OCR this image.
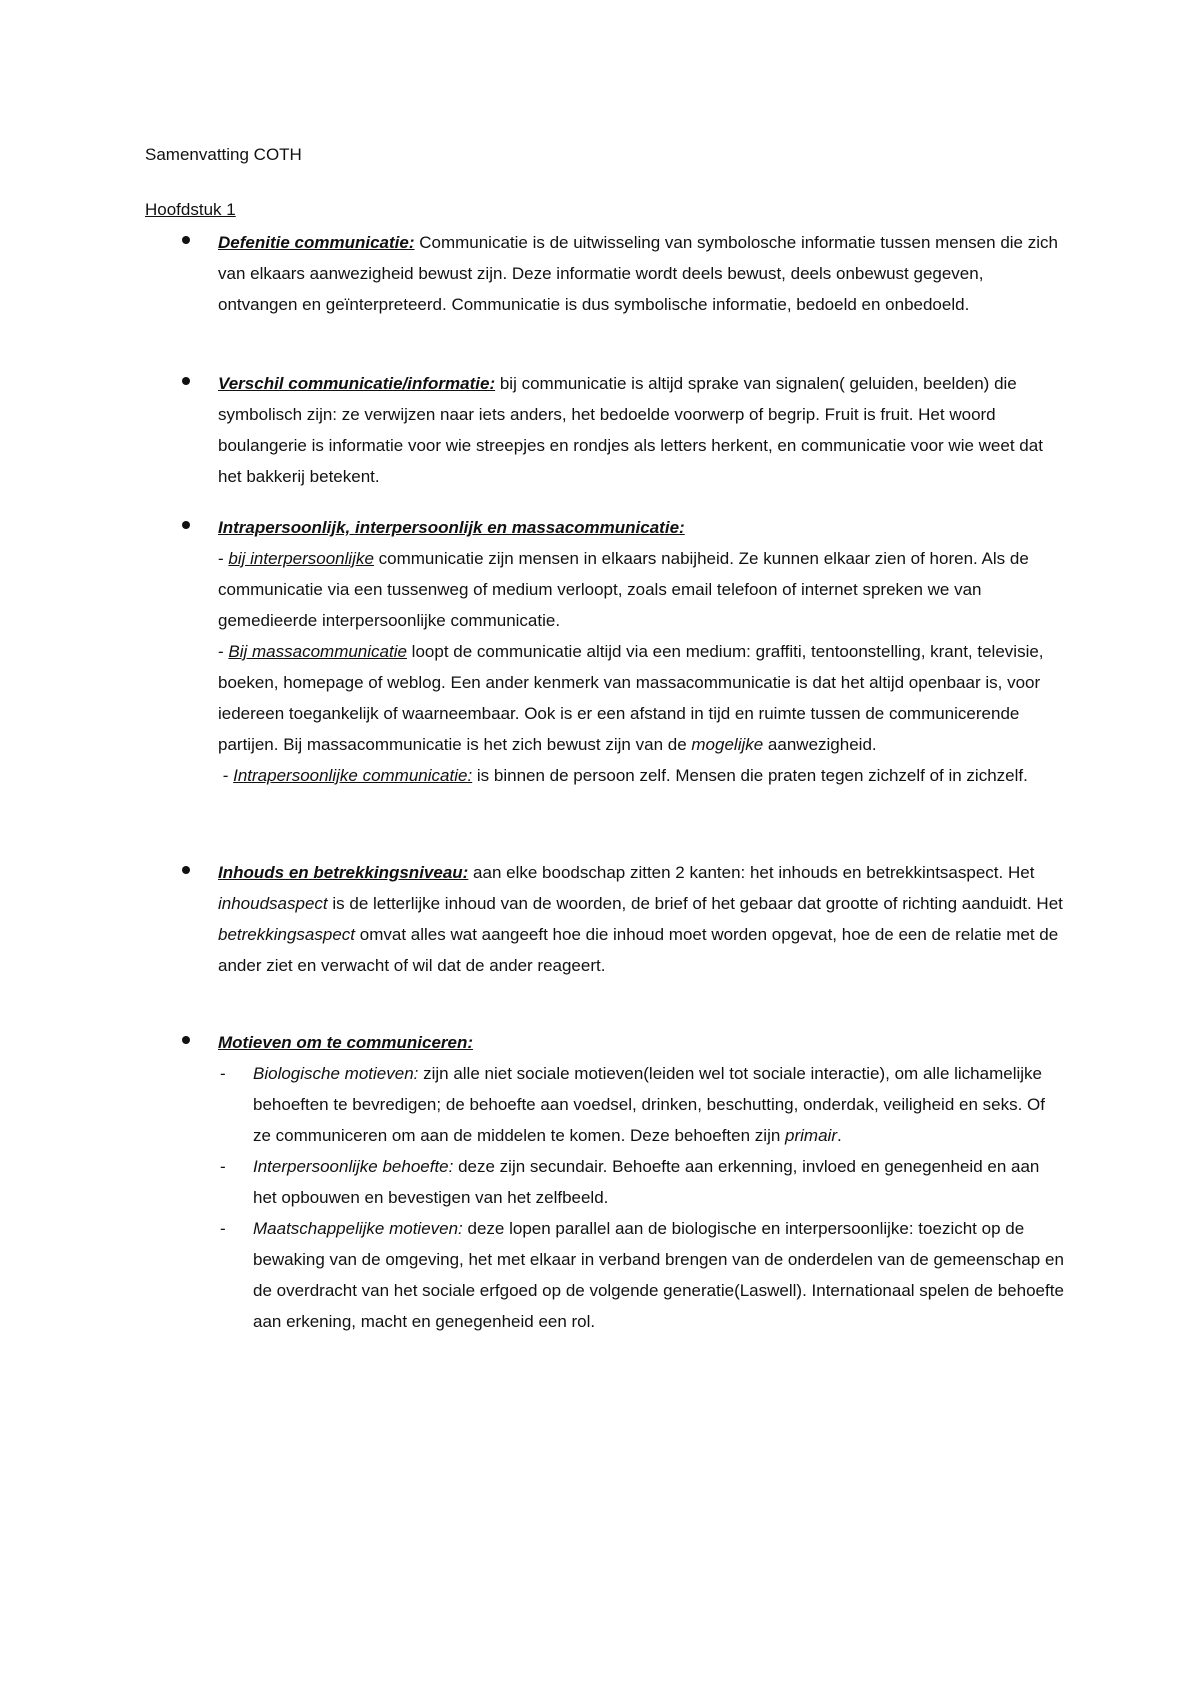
Samenvatting COTH
Hoofdstuk 1
Defenitie communicatie: Communicatie is de uitwisseling van symbolosche informatie tussen mensen die zich van elkaars aanwezigheid bewust zijn. Deze informatie wordt deels bewust, deels onbewust gegeven, ontvangen en geïnterpreteerd. Communicatie is dus symbolische informatie, bedoeld en onbedoeld.
Verschil communicatie/informatie: bij communicatie is altijd sprake van signalen( geluiden, beelden) die symbolisch zijn: ze verwijzen naar iets anders, het bedoelde voorwerp of begrip. Fruit is fruit. Het woord boulangerie is informatie voor wie streepjes en rondjes als letters herkent, en communicatie voor wie weet dat het bakkerij betekent.
Intrapersoonlijk, interpersoonlijk en massacommunicatie:
- bij interpersoonlijke communicatie zijn mensen in elkaars nabijheid. Ze kunnen elkaar zien of horen. Als de communicatie via een tussenweg of medium verloopt, zoals email telefoon of internet spreken we van gemedieerde interpersoonlijke communicatie.
- Bij massacommunicatie loopt de communicatie altijd via een medium: graffiti, tentoonstelling, krant, televisie, boeken, homepage of weblog. Een ander kenmerk van massacommunicatie is dat het altijd openbaar is, voor iedereen toegankelijk of waarneembaar. Ook is er een afstand in tijd en ruimte tussen de communicerende partijen. Bij massacommunicatie is het zich bewust zijn van de mogelijke aanwezigheid.
- Intrapersoonlijke communicatie: is binnen de persoon zelf. Mensen die praten tegen zichzelf of in zichzelf.
Inhouds en betrekkingsniveau: aan elke boodschap zitten 2 kanten: het inhouds en betrekkintsaspect. Het inhoudsaspect is de letterlijke inhoud van de woorden, de brief of het gebaar dat grootte of richting aanduidt. Het betrekkingsaspect omvat alles wat aangeeft hoe die inhoud moet worden opgevat, hoe de een de relatie met de ander ziet en verwacht of wil dat de ander reageert.
Motieven om te communiceren:
- Biologische motieven: zijn alle niet sociale motieven(leiden wel tot sociale interactie), om alle lichamelijke behoeften te bevredigen; de behoefte aan voedsel, drinken, beschutting, onderdak, veiligheid en seks. Of ze communiceren om aan de middelen te komen. Deze behoeften zijn primair.
- Interpersoonlijke behoefte: deze zijn secundair. Behoefte aan erkenning, invloed en genegenheid en aan het opbouwen en bevestigen van het zelfbeeld.
- Maatschappelijke motieven: deze lopen parallel aan de biologische en interpersoonlijke: toezicht op de bewaking van de omgeving, het met elkaar in verband brengen van de onderdelen van de gemeenschap en de overdracht van het sociale erfgoed op de volgende generatie(Laswell). Internationaal spelen de behoefte aan erkening, macht en genegenheid een rol.
